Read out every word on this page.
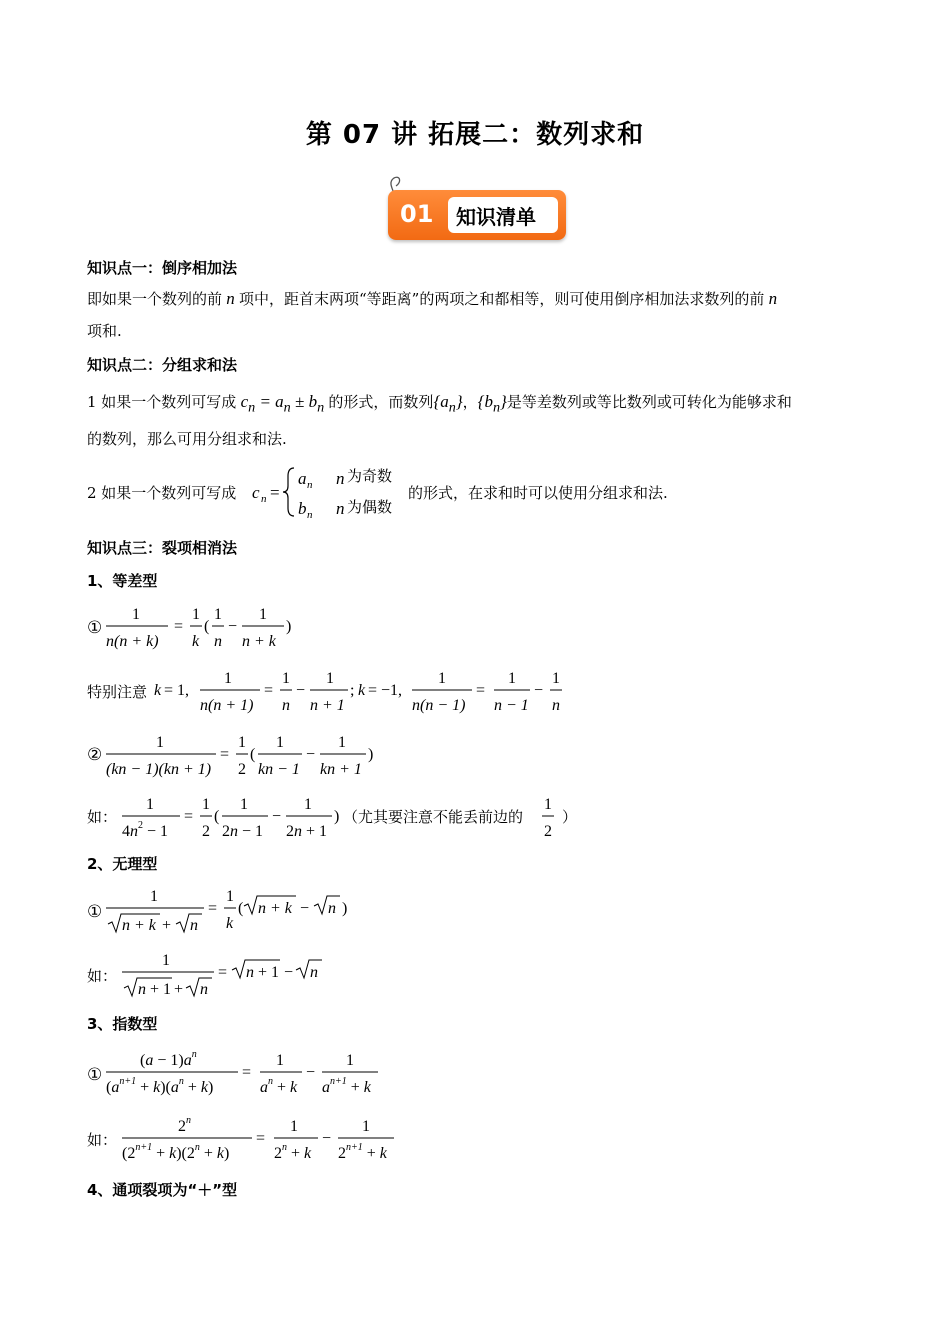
第 07 讲 拓展二：数列求和
01 知识清单
知识点一：倒序相加法
即如果一个数列的前 n 项中，距首末两项“等距离”的两项之和都相等，则可使用倒序相加法求数列的前 n
项和.
知识点二：分组求和法
1 如果一个数列可写成 $c_n = a_n \pm b_n$ 的形式，而数列$\{a_n\}$，$\{b_n\}$是等差数列或等比数列或可转化为能够求和
的数列，那么可用分组求和法.
2 如果一个数列可写成 c n =
a n n
b n n
为奇数
为偶数
的形式，在求和时可以使用分组求和法.
知识点三：裂项相消法
1、等差型
①
1
n(n + k)
=
1
k
(
1
n
−
1
n + k
)
特别注意 k = 1,
1
n(n + 1)
=
1
n
−
1
n + 1
; k = −1,
1
n(n − 1)
=
1
n − 1
−
1
n
②
1
(kn − 1)(kn + 1)
=
1
2
(
1
kn − 1
−
1
kn + 1
)
如：
1
$4n^2 - 1$
=
1
2
(
1
2n − 1
−
1
2n + 1
) （尤其要注意不能丢前边的
1
2
）
2、无理型
①
1
n + k + n
=
1
k
( n + k − n )
如：
1
n + 1 + n
= n + 1 − n
3、指数型
①
$(a - 1)a^n$
$(a^{n+1} + k)(a^n + k)$
=
1
$a^n + k$
−
1
$a^{n+1} + k$
如：
2$^n$
$(2^{n+1} + k)(2^n + k)$
=
1
$2^n + k$
−
1
$2^{n+1} + k$
4、通项裂项为“＋”型
